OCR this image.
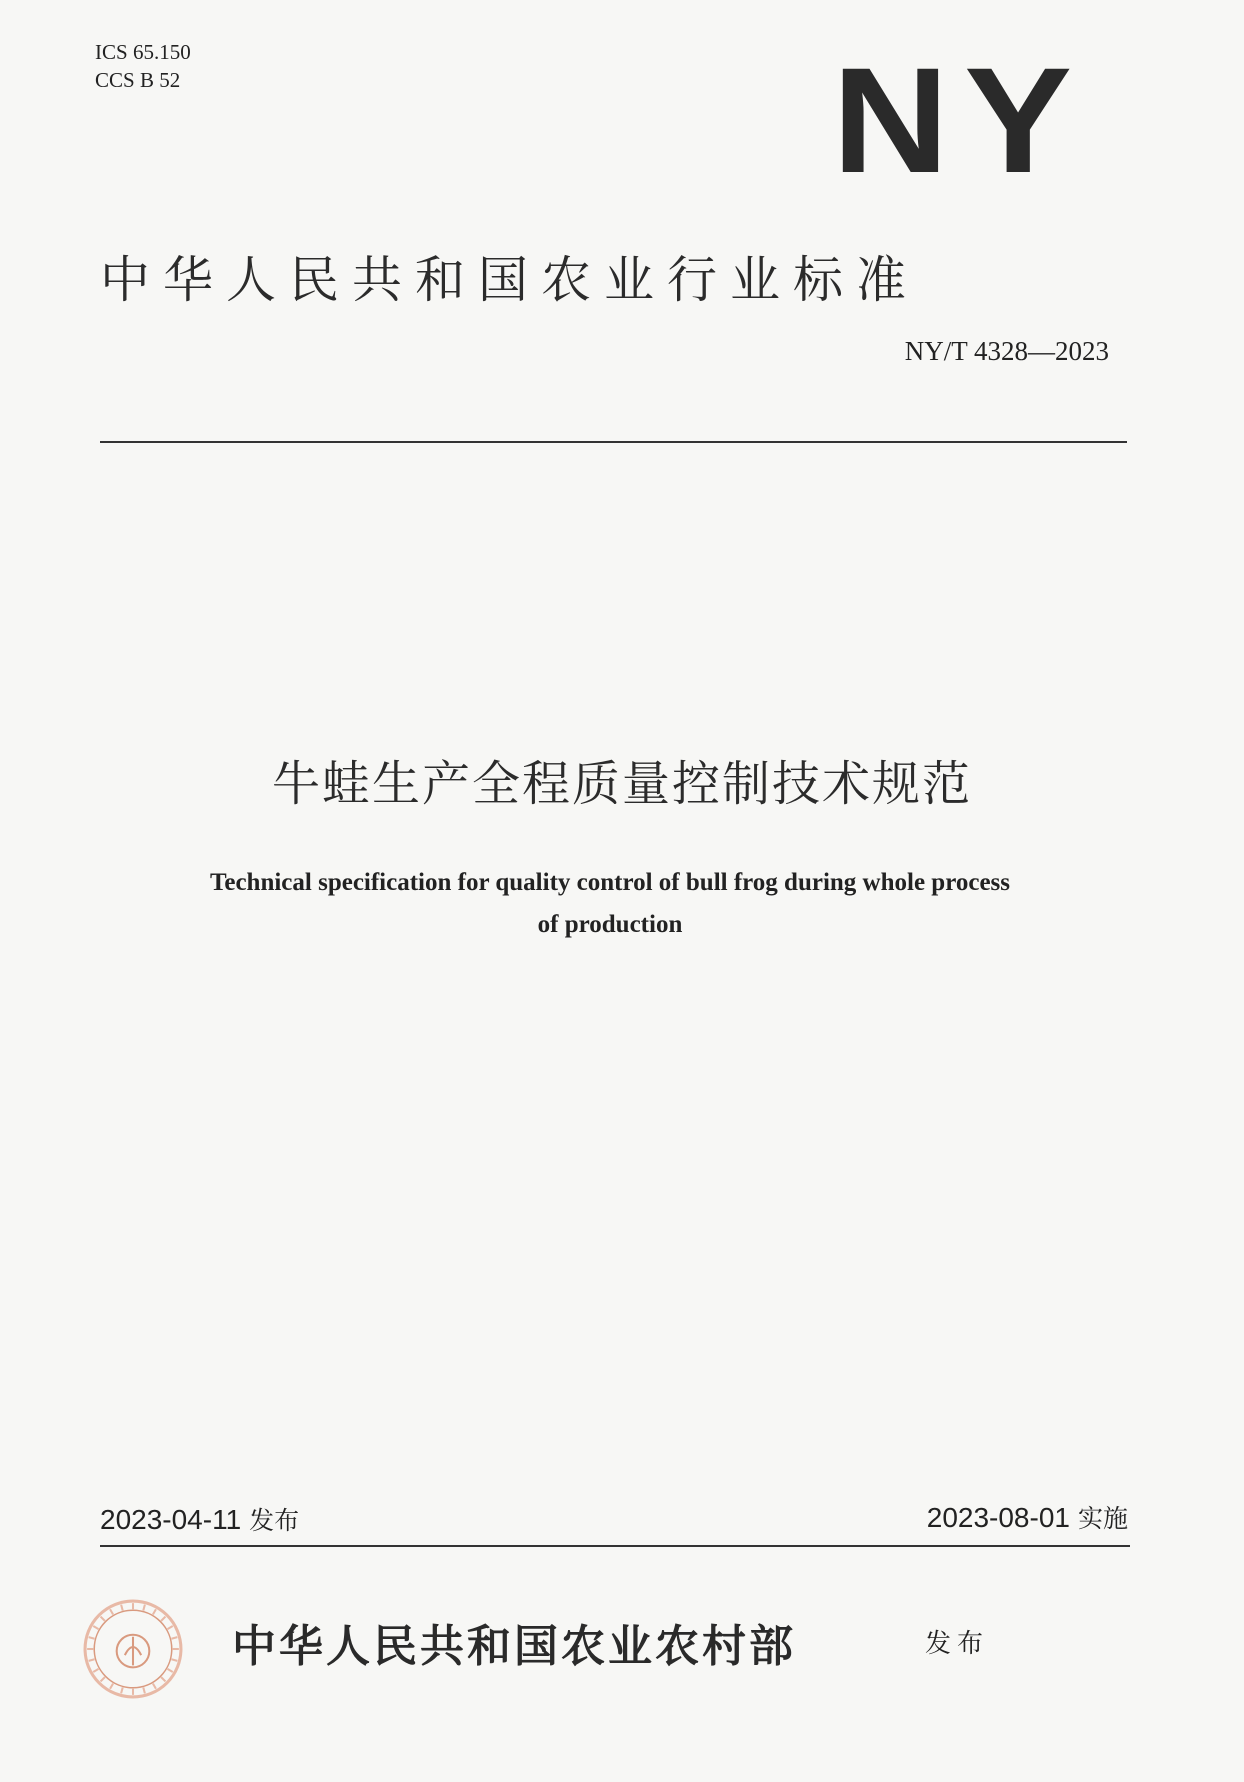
ICS 65.150
CCS B 52	NY
中华人民共和国农业行业标准
NY/T 4328—2023
牛蛙生产全程质量控制技术规范
Technical specification for quality control of bull frog during whole process
of production
2023-04-11 发布	2023-08-01 实施
中华人民共和国农业农村部	发布
